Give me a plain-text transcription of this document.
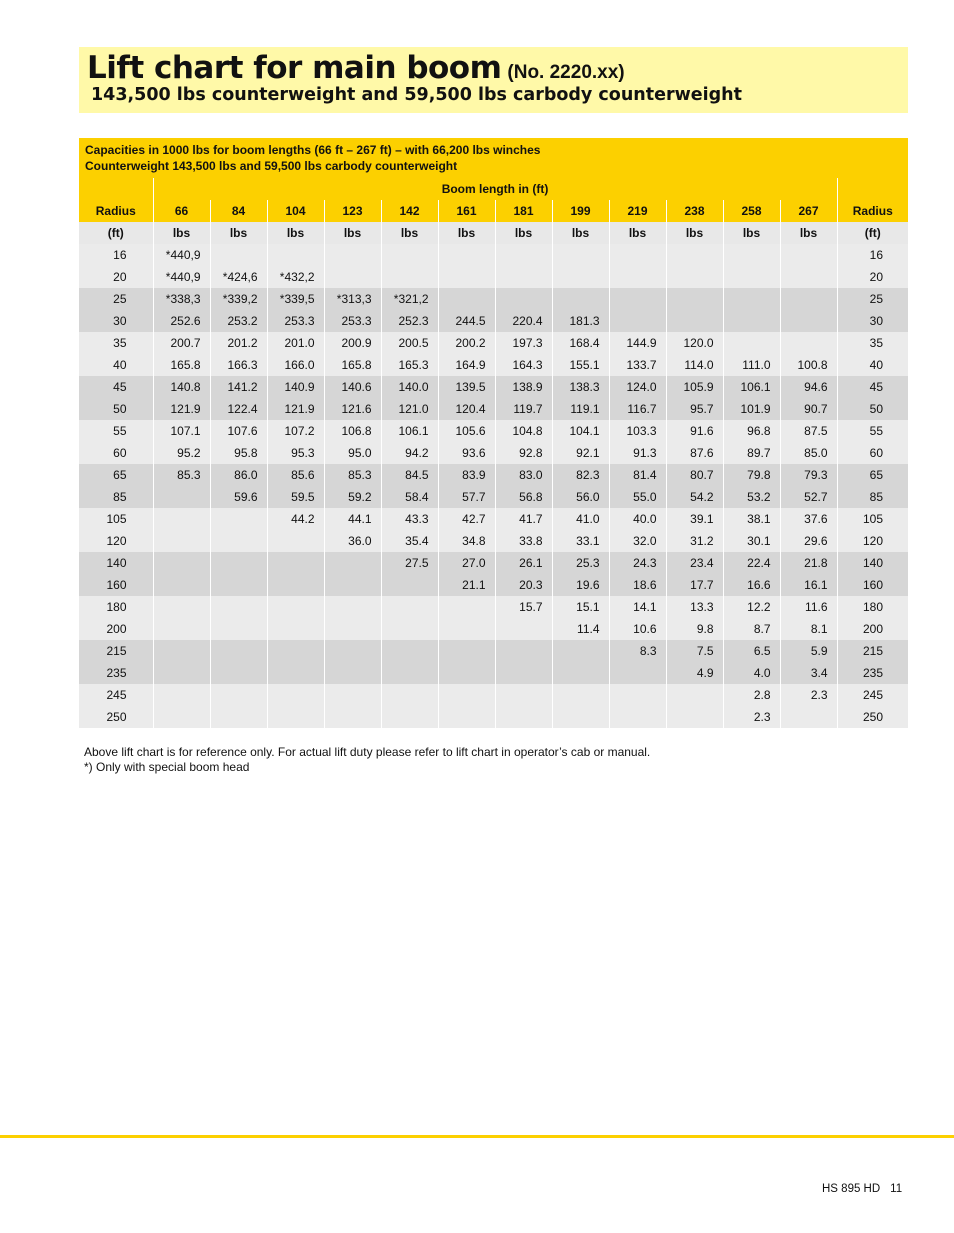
Lift chart for main boom (No. 2220.xx)
143,500 lbs counterweight and 59,500 lbs carbody counterweight
Capacities in 1000 lbs for boom lengths (66 ft – 267 ft) – with 66,200 lbs winches
Counterweight 143,500 lbs and 59,500 lbs carbody counterweight
	Boom length in (ft)												
Radius	66	84	104	123	142	161	181	199	219	238	258	267	Radius
(ft)	lbs	lbs	lbs	lbs	lbs	lbs	lbs	lbs	lbs	lbs	lbs	lbs	(ft)
16	*440,9												16
20	*440,9	*424,6	*432,2										20
25	*338,3	*339,2	*339,5	*313,3	*321,2								25
30	252.6	253.2	253.3	253.3	252.3	244.5	220.4	181.3					30
35	200.7	201.2	201.0	200.9	200.5	200.2	197.3	168.4	144.9	120.0			35
40	165.8	166.3	166.0	165.8	165.3	164.9	164.3	155.1	133.7	114.0	111.0	100.8	40
45	140.8	141.2	140.9	140.6	140.0	139.5	138.9	138.3	124.0	105.9	106.1	94.6	45
50	121.9	122.4	121.9	121.6	121.0	120.4	119.7	119.1	116.7	95.7	101.9	90.7	50
55	107.1	107.6	107.2	106.8	106.1	105.6	104.8	104.1	103.3	91.6	96.8	87.5	55
60	95.2	95.8	95.3	95.0	94.2	93.6	92.8	92.1	91.3	87.6	89.7	85.0	60
65	85.3	86.0	85.6	85.3	84.5	83.9	83.0	82.3	81.4	80.7	79.8	79.3	65
85		59.6	59.5	59.2	58.4	57.7	56.8	56.0	55.0	54.2	53.2	52.7	85
105			44.2	44.1	43.3	42.7	41.7	41.0	40.0	39.1	38.1	37.6	105
120				36.0	35.4	34.8	33.8	33.1	32.0	31.2	30.1	29.6	120
140					27.5	27.0	26.1	25.3	24.3	23.4	22.4	21.8	140
160						21.1	20.3	19.6	18.6	17.7	16.6	16.1	160
180							15.7	15.1	14.1	13.3	12.2	11.6	180
200								11.4	10.6	9.8	8.7	8.1	200
215									8.3	7.5	6.5	5.9	215
235										4.9	4.0	3.4	235
245											2.8	2.3	245
250											2.3		250
Above lift chart is for reference only. For actual lift duty please refer to lift chart in operator’s cab or manual.
*) Only with special boom head
HS 895 HD 11
